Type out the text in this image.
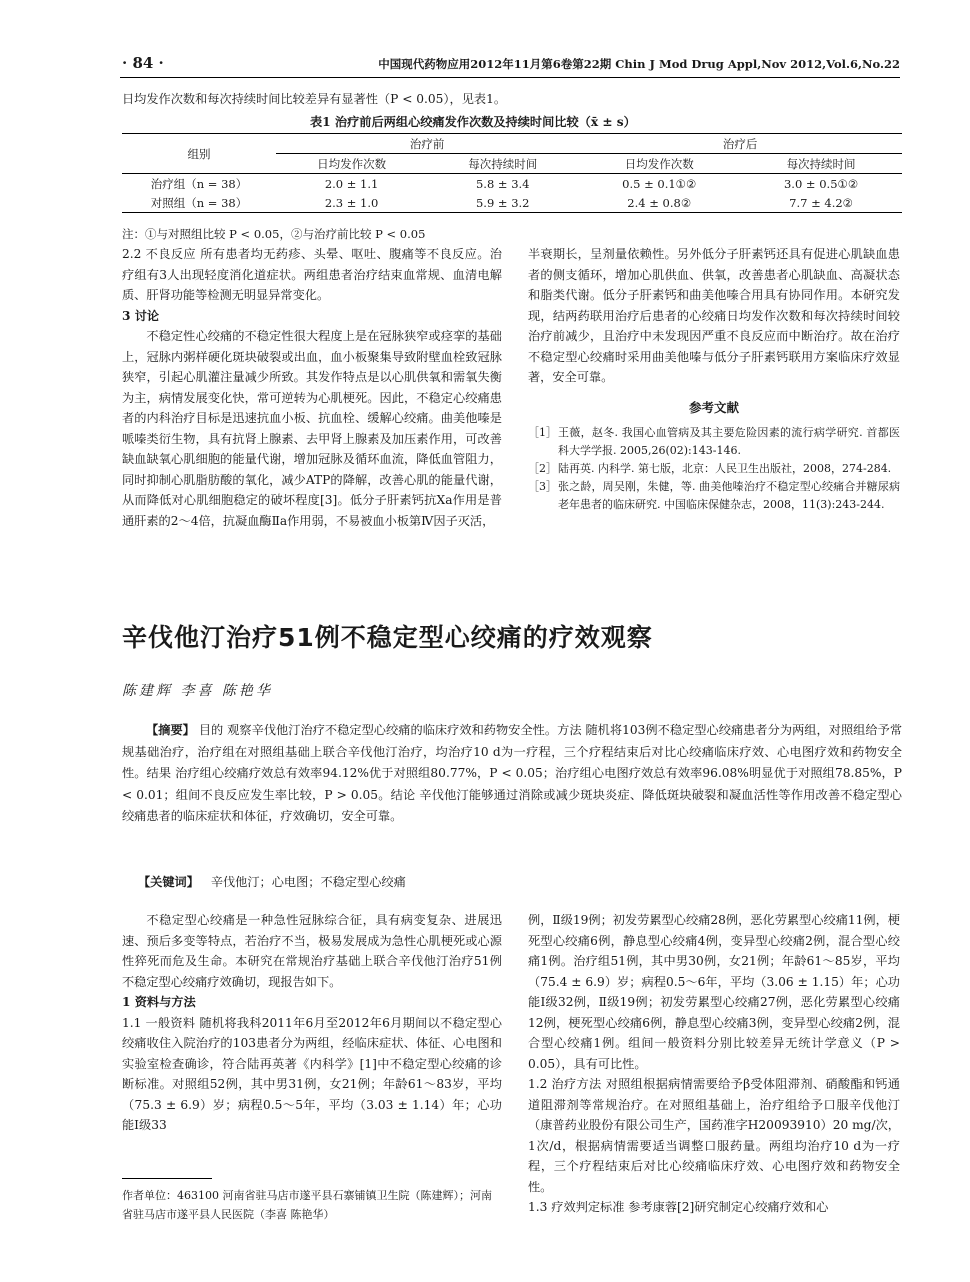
· 84 ·	中国现代药物应用2012年11月第6卷第22期 Chin J Mod Drug Appl,Nov 2012,Vol.6,No.22
日均发作次数和每次持续时间比较差异有显著性（P < 0.05），见表1。
表1 治疗前后两组心绞痛发作次数及持续时间比较（x̄ ± s）
组别	治疗前		治疗后	
	日均发作次数	每次持续时间	日均发作次数	每次持续时间
治疗组（n = 38）	2.0 ± 1.1	5.8 ± 3.4	0.5 ± 0.1①②	3.0 ± 0.5①②
对照组（n = 38）	2.3 ± 1.0	5.9 ± 3.2	2.4 ± 0.8②	7.7 ± 4.2②
注：①与对照组比较 P < 0.05，②与治疗前比较 P < 0.05
2.2 不良反应 所有患者均无药疹、头晕、呕吐、腹痛等不良反应。治疗组有3人出现轻度消化道症状。两组患者治疗结束血常规、血清电解质、肝肾功能等检测无明显异常变化。
3 讨论
不稳定性心绞痛的不稳定性很大程度上是在冠脉狭窄或痉挛的基础上，冠脉内粥样硬化斑块破裂或出血，血小板聚集导致附壁血栓致冠脉狭窄，引起心肌灌注量减少所致。其发作特点是以心肌供氧和需氧失衡为主，病情发展变化快，常可逆转为心肌梗死。因此，不稳定心绞痛患者的内科治疗目标是迅速抗血小板、抗血栓、缓解心绞痛。曲美他嗪是哌嗪类衍生物，具有抗肾上腺素、去甲肾上腺素及加压素作用，可改善缺血缺氧心肌细胞的能量代谢，增加冠脉及循环血流，降低血管阻力，同时抑制心肌脂肪酸的氧化，减少ATP的降解，改善心肌的能量代谢，从而降低对心肌细胞稳定的破坏程度[3]。低分子肝素钙抗Xa作用是普通肝素的2～4倍，抗凝血酶Ⅱa作用弱，不易被血小板第Ⅳ因子灭活，
半衰期长，呈剂量依赖性。另外低分子肝素钙还具有促进心肌缺血患者的侧支循环，增加心肌供血、供氧，改善患者心肌缺血、高凝状态和脂类代谢。低分子肝素钙和曲美他嗪合用具有协同作用。本研究发现，结两药联用治疗后患者的心绞痛日均发作次数和每次持续时间较治疗前减少，且治疗中未发现因严重不良反应而中断治疗。故在治疗不稳定型心绞痛时采用曲美他嗪与低分子肝素钙联用方案临床疗效显著，安全可靠。
参考文献
［1］ 王薇，赵冬. 我国心血管病及其主要危险因素的流行病学研究. 首都医科大学学报. 2005,26(02):143-146.
［2］ 陆再英. 内科学. 第七版，北京：人民卫生出版社，2008，274-284.
［3］ 张之龄，周吴刚，朱健，等. 曲美他嗪治疗不稳定型心绞痛合并糖尿病老年患者的临床研究. 中国临床保健杂志，2008，11(3):243-244.
辛伐他汀治疗51例不稳定型心绞痛的疗效观察
陈建辉 李喜 陈艳华
【摘要】 目的 观察辛伐他汀治疗不稳定型心绞痛的临床疗效和药物安全性。方法 随机将103例不稳定型心绞痛患者分为两组，对照组给予常规基础治疗，治疗组在对照组基础上联合辛伐他汀治疗，均治疗10 d为一疗程，三个疗程结束后对比心绞痛临床疗效、心电图疗效和药物安全性。结果 治疗组心绞痛疗效总有效率94.12%优于对照组80.77%，P < 0.05；治疗组心电图疗效总有效率96.08%明显优于对照组78.85%，P < 0.01；组间不良反应发生率比较，P > 0.05。结论 辛伐他汀能够通过消除或减少斑块炎症、降低斑块破裂和凝血活性等作用改善不稳定型心绞痛患者的临床症状和体征，疗效确切，安全可靠。
【关键词】 辛伐他汀；心电图；不稳定型心绞痛
不稳定型心绞痛是一种急性冠脉综合征，具有病变复杂、进展迅速、预后多变等特点，若治疗不当，极易发展成为急性心肌梗死或心源性猝死而危及生命。本研究在常规治疗基础上联合辛伐他汀治疗51例不稳定型心绞痛疗效确切，现报告如下。
1 资料与方法
1.1 一般资料 随机将我科2011年6月至2012年6月期间以不稳定型心绞痛收住入院治疗的103患者分为两组，经临床症状、体征、心电图和实验室检查确诊，符合陆再英著《内科学》[1]中不稳定型心绞痛的诊断标准。对照组52例，其中男31例，女21例；年龄61～83岁，平均（75.3 ± 6.9）岁；病程0.5～5年，平均（3.03 ± 1.14）年；心功能Ⅰ级33
作者单位：463100 河南省驻马店市遂平县石寨铺镇卫生院（陈建辉）；河南省驻马店市遂平县人民医院（李喜 陈艳华）
例，Ⅱ级19例；初发劳累型心绞痛28例，恶化劳累型心绞痛11例，梗死型心绞痛6例，静息型心绞痛4例，变异型心绞痛2例，混合型心绞痛1例。治疗组51例，其中男30例，女21例；年龄61～85岁，平均（75.4 ± 6.9）岁；病程0.5～6年，平均（3.06 ± 1.15）年；心功能Ⅰ级32例，Ⅱ级19例；初发劳累型心绞痛27例，恶化劳累型心绞痛12例，梗死型心绞痛6例，静息型心绞痛3例，变异型心绞痛2例，混合型心绞痛1例。组间一般资料分别比较差异无统计学意义（P > 0.05），具有可比性。
1.2 治疗方法 对照组根据病情需要给予β受体阻滞剂、硝酸酯和钙通道阻滞剂等常规治疗。在对照组基础上，治疗组给予口服辛伐他汀（康普药业股份有限公司生产，国药准字H20093910）20 mg/次，1次/d，根据病情需要适当调整口服药量。两组均治疗10 d为一疗程，三个疗程结束后对比心绞痛临床疗效、心电图疗效和药物安全性。
1.3 疗效判定标准 参考康蓉[2]研究制定心绞痛疗效和心
